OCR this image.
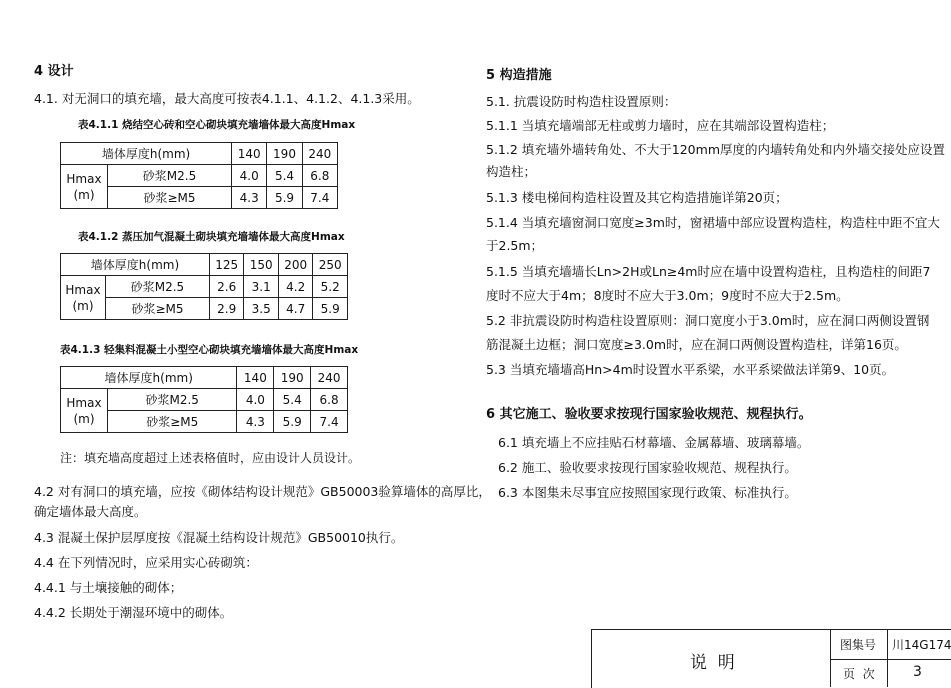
4 设计
4.1. 对无洞口的填充墙，最大高度可按表4.1.1、4.1.2、4.1.3采用。
表4.1.1 烧结空心砖和空心砌块填充墙墙体最大高度Hmax
墙体厚度h(mm)		140	190	240
Hmax
(m)	砂浆M2.5	4.0	5.4	6.8
	砂浆≥M5	4.3	5.9	7.4
表4.1.2 蒸压加气混凝土砌块填充墙墙体最大高度Hmax
墙体厚度h(mm)		125	150	200	250
Hmax
(m)	砂浆M2.5	2.6	3.1	4.2	5.2
	砂浆≥M5	2.9	3.5	4.7	5.9
表4.1.3 轻集料混凝土小型空心砌块填充墙墙体最大高度Hmax
墙体厚度h(mm)		140	190	240
Hmax
(m)	砂浆M2.5	4.0	5.4	6.8
	砂浆≥M5	4.3	5.9	7.4
注：填充墙高度超过上述表格值时，应由设计人员设计。
4.2 对有洞口的填充墙，应按《砌体结构设计规范》GB50003验算墙体的高厚比，
确定墙体最大高度。
4.3 混凝土保护层厚度按《混凝土结构设计规范》GB50010执行。
4.4 在下列情况时，应采用实心砖砌筑：
4.4.1 与土壤接触的砌体；
4.4.2 长期处于潮湿环境中的砌体。
5 构造措施
5.1. 抗震设防时构造柱设置原则：
5.1.1 当填充墙端部无柱或剪力墙时，应在其端部设置构造柱；
5.1.2 填充墙外墙转角处、不大于120mm厚度的内墙转角处和内外墙交接处应设置
构造柱；
5.1.3 楼电梯间构造柱设置及其它构造措施详第20页；
5.1.4 当填充墙窗洞口宽度≥3m时，窗裙墙中部应设置构造柱，构造柱中距不宜大
于2.5m；
5.1.5 当填充墙墙长Ln>2H或Ln≥4m时应在墙中设置构造柱，且构造柱的间距7
度时不应大于4m；8度时不应大于3.0m；9度时不应大于2.5m。
5.2 非抗震设防时构造柱设置原则：洞口宽度小于3.0m时，应在洞口两侧设置钢
筋混凝土边框；洞口宽度≥3.0m时，应在洞口两侧设置构造柱，详第16页。
5.3 当填充墙墙高Hn>4m时设置水平系梁，水平系梁做法详第9、10页。
6 其它施工、验收要求按现行国家验收规范、规程执行。
6.1 填充墙上不应挂贴石材幕墙、金属幕墙、玻璃幕墙。
6.2 施工、验收要求按现行国家验收规范、规程执行。
6.3 本图集未尽事宜应按照国家现行政策、标准执行。
说  明
图集号 川14G174
页  次	3
